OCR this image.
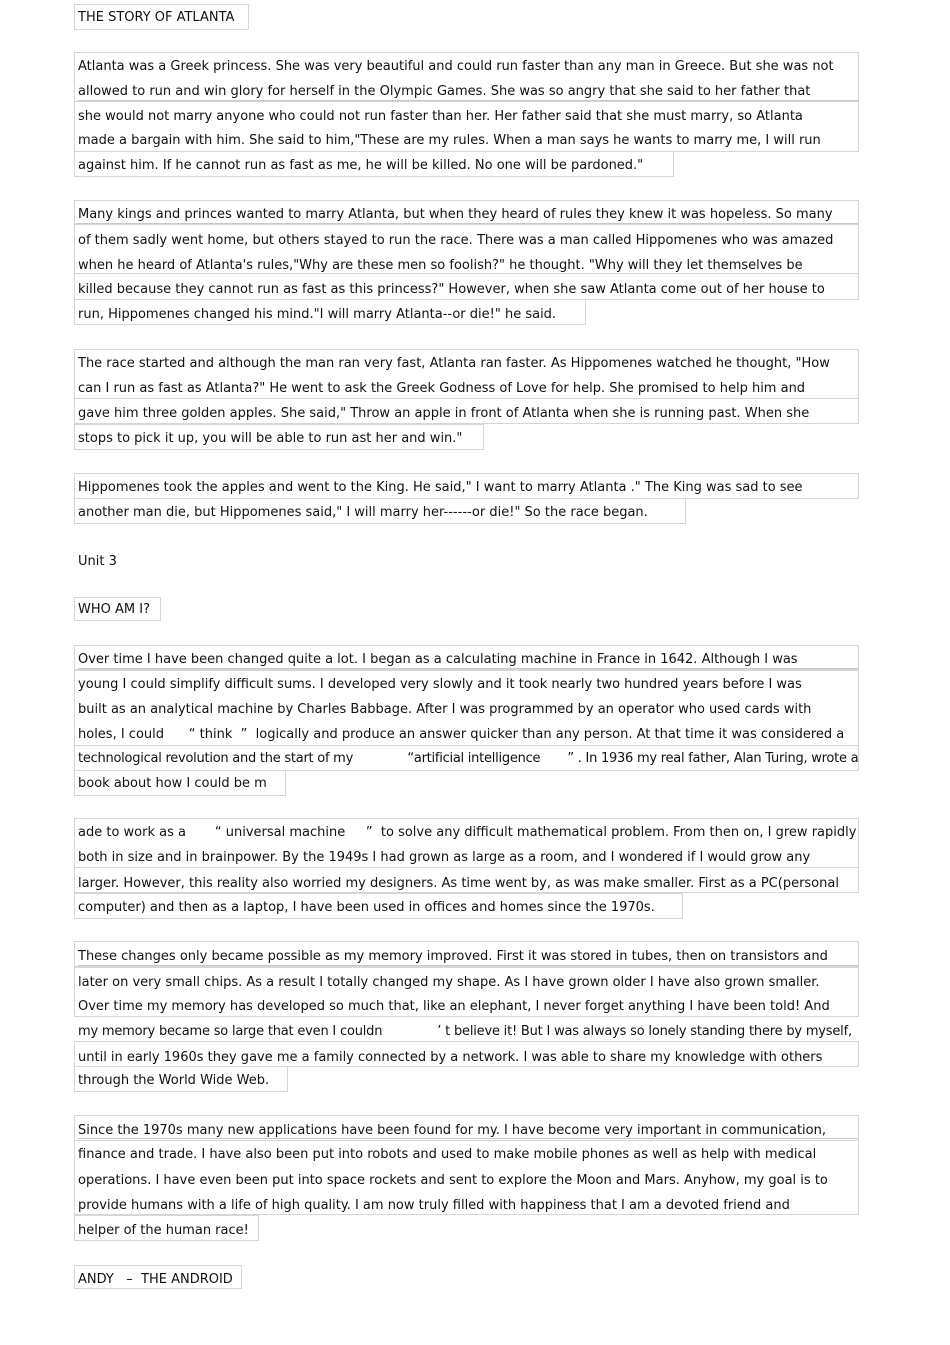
THE STORY OF ATLANTA
Atlanta was a Greek princess. She was very beautiful and could run faster than any man in Greece. But she was not
allowed to run and win glory for herself in the Olympic Games. She was so angry that she said to her father that
she would not marry anyone who could not run faster than her. Her father said that she must marry, so Atlanta
made a bargain with him. She said to him,"These are my rules. When a man says he wants to marry me, I will run
against him. If he cannot run as fast as me, he will be killed. No one will be pardoned."
Many kings and princes wanted to marry Atlanta, but when they heard of rules they knew it was hopeless. So many
of them sadly went home, but others stayed to run the race. There was a man called Hippomenes who was amazed
when he heard of Atlanta's rules,"Why are these men so foolish?" he thought. "Why will they let themselves be
killed because they cannot run as fast as this princess?" However, when she saw Atlanta come out of her house to
run, Hippomenes changed his mind."I will marry Atlanta--or die!" he said.
The race started and although the man ran very fast, Atlanta ran faster. As Hippomenes watched he thought, "How
can I run as fast as Atlanta?" He went to ask the Greek Godness of Love for help. She promised to help him and
gave him three golden apples. She said," Throw an apple in front of Atlanta when she is running past. When she
stops to pick it up, you will be able to run ast her and win."
Hippomenes took the apples and went to the King. He said," I want to marry Atlanta ." The King was sad to see
another man die, but Hippomenes said," I will marry her------or die!" So the race began.
Unit 3
WHO AM I?
Over time I have been changed quite a lot. I began as a calculating machine in France in 1642. Although I was
young I could simplify difficult sums. I developed very slowly and it took nearly two hundred years before I was
built as an analytical machine by Charles Babbage. After I was programmed by an operator who used cards with
holes, I could      “ think  ”  logically and produce an answer quicker than any person. At that time it was considered a
technological revolution and the start of my              “artificial intelligence       ” . In 1936 my real father, Alan Turing, wrote a
book about how I could be m
ade to work as a       “ universal machine     ”  to solve any difficult mathematical problem. From then on, I grew rapidly
both in size and in brainpower. By the 1949s I had grown as large as a room, and I wondered if I would grow any
larger. However, this reality also worried my designers. As time went by, as was make smaller. First as a PC(personal
computer) and then as a laptop, I have been used in offices and homes since the 1970s.
These changes only became possible as my memory improved. First it was stored in tubes, then on transistors and
later on very small chips. As a result I totally changed my shape. As I have grown older I have also grown smaller.
Over time my memory has developed so much that, like an elephant, I never forget anything I have been told! And
my memory became so large that even I couldn              ’ t believe it! But I was always so lonely standing there by myself,
until in early 1960s they gave me a family connected by a network. I was able to share my knowledge with others
through the World Wide Web.
Since the 1970s many new applications have been found for my. I have become very important in communication,
finance and trade. I have also been put into robots and used to make mobile phones as well as help with medical
operations. I have even been put into space rockets and sent to explore the Moon and Mars. Anyhow, my goal is to
provide humans with a life of high quality. I am now truly filled with happiness that I am a devoted friend and
helper of the human race!
ANDY   –  THE ANDROID
